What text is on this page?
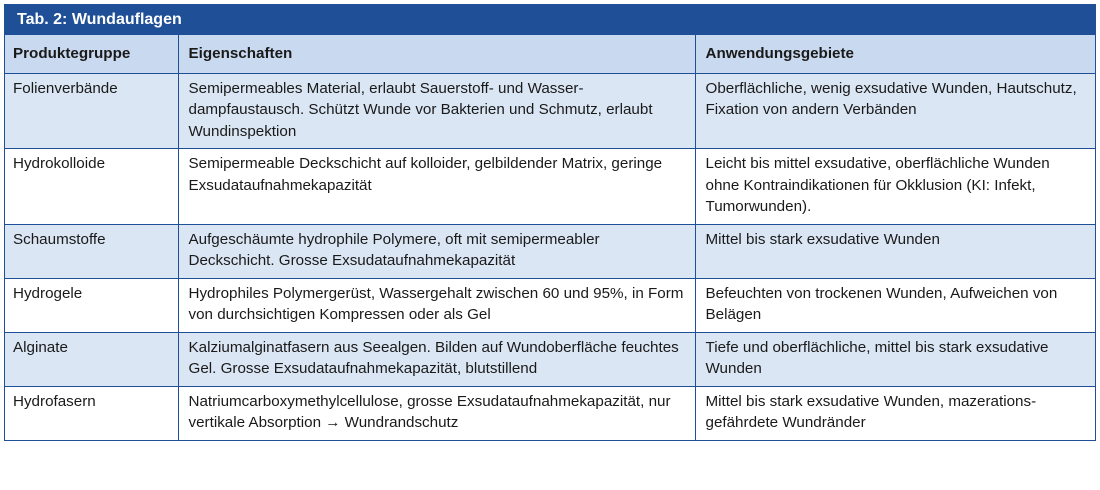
Tab. 2: Wundauflagen
Produktegruppe	Eigenschaften	Anwendungsgebiete
Folienverbände	Semipermeables Material, erlaubt Sauerstoff- und Wasserdampfaustausch. Schützt Wunde vor Bakterien und Schmutz, erlaubt Wundinspektion	Oberflächliche, wenig exsudative Wunden, Hautschutz, Fixation von andern Verbänden
Hydrokolloide	Semipermeable Deckschicht auf kolloider, gelbildender Matrix, geringe Exsudataufnahmekapazität	Leicht bis mittel exsudative, oberflächliche Wunden ohne Kontraindikationen für Okklusion (KI: Infekt, Tumorwunden).
Schaumstoffe	Aufgeschäumte hydrophile Polymere, oft mit semipermeabler Deckschicht. Grosse Exsudataufnahmekapazität	Mittel bis stark exsudative Wunden
Hydrogele	Hydrophiles Polymergerüst, Wassergehalt zwischen 60 und 95%, in Form von durchsichtigen Kompressen oder als Gel	Befeuchten von trockenen Wunden, Aufweichen von Belägen
Alginate	Kalziumalginatfasern aus Seealgen. Bilden auf Wundoberfläche feuchtes Gel. Grosse Exsudataufnahmekapazität, blutstillend	Tiefe und oberflächliche, mittel bis stark exsudative Wunden
Hydrofasern	Natriumcarboxymethylcellulose, grosse Exsudataufnahmekapazität, nur vertikale Absorption → Wundrandschutz	Mittel bis stark exsudative Wunden, mazerationsgefährdete Wundränder
